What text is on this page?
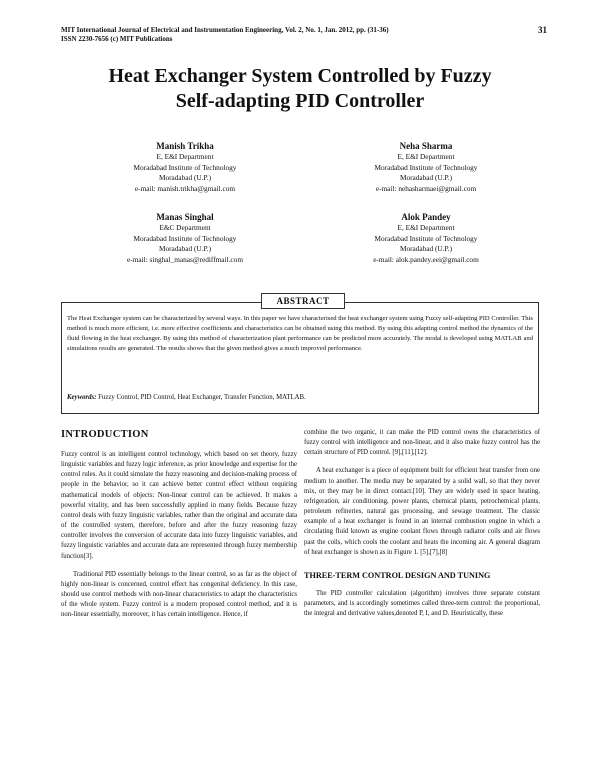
MIT International Journal of Electrical and Instrumentation Engineering, Vol. 2, No. 1, Jan. 2012, pp. (31-36)
ISSN 2230-7656 (c) MIT Publications
31
Heat Exchanger System Controlled by Fuzzy
Self-adapting PID Controller
Manish Trikha
E, E&I Department
Moradabad Institute of Technology
Moradabad (U.P.)
e-mail: manish.trikha@gmail.com
Neha Sharma
E, E&I Department
Moradabad Institute of Technology
Moradabad (U.P.)
e-mail: nehasharmaei@gmail.com
Manas Singhal
E&C Department
Moradabad Institute of Technology
Moradabad (U.P.)
e-mail: singhal_manas@rediffmail.com
Alok Pandey
E, E&I Department
Moradabad Institute of Technology
Moradabad (U.P.)
e-mail: alok.pandey.eei@gmail.com
ABSTRACT
The Heat Exchanger system can be characterized by several ways. In this paper we have characterised the heat exchanger system using Fuzzy self-adapting PID Controller. This method is much more efficient, i.e. more effective coefficients and characteristics can be obtained using this method. By using this adapting control method the dynamics of the fluid flowing in the heat exchanger. By using this method of characterization plant performance can be predicted more accurately. The modal is developed using MATLAB and simulations results are generated. The results shows that the given method gives a much improved performance.
Keywords: Fuzzy Control, PID Control, Heat Exchanger, Transfer Function, MATLAB.

INTRODUCTION

Fuzzy control is an intelligent control technology, which based on set theory, fuzzy linguistic variables and fuzzy logic inference, as prior knowledge and expertise for the control rules. As it could simulate the fuzzy reasoning and decision-making process of people in the behavior, so it can achieve better control effect without requiring mathematical models of objects: Non-linear control can be achieved. It makes a powerful vitality, and has been successfully applied in many fields. Because fuzzy control deals with fuzzy linguistic variables, rather than the original and accurate data of the controlled system, therefore, before and after the fuzzy reasoning fuzzy controller involves the conversion of accurate data into fuzzy linguistic variables, and fuzzy linguistic variables and accurate data are represented through fuzzy membership function[3].

Traditional PID essentially belongs to the linear control, so as far as the object of highly non-linear is concerned, control effect has congenital deficiency. In this case, should use control methods with non-linear characteristics to adapt the characteristics of the whole system. Fuzzy control is a modern proposed control method, and it is non-linear essentially, moreover, it has certain intelligence. Hence, if

combine the two organic, it can make the PID control owns the characteristics of fuzzy control with intelligence and non-linear, and it also make fuzzy control has the certain structure of PID control. [9],[11],[12].

A heat exchanger is a piece of equipment built for efficient heat transfer from one medium to another. The media may be separated by a solid wall, so that they never mix, or they may be in direct contact.[10]. They are widely used in space heating, refrigeration, air conditioning, power plants, chemical plants, petrochemical plants, petroleum refineries, natural gas processing, and sewage treatment. The classic example of a heat exchanger is found in an internal combustion engine in which a circulating fluid known as engine coolant flows through radiator coils and air flows past the coils, which cools the coolant and heats the incoming air. A general diagram of heat exchanger is shown as in Figure 1. [5],[7],[8]

THREE-TERM CONTROL DESIGN AND TUNING

The PID controller calculation (algorithm) involves three separate constant parameters, and is accordingly sometimes called three-term control: the proportional, the integral and derivative values,denoted P, I, and D. Heuristically, these
